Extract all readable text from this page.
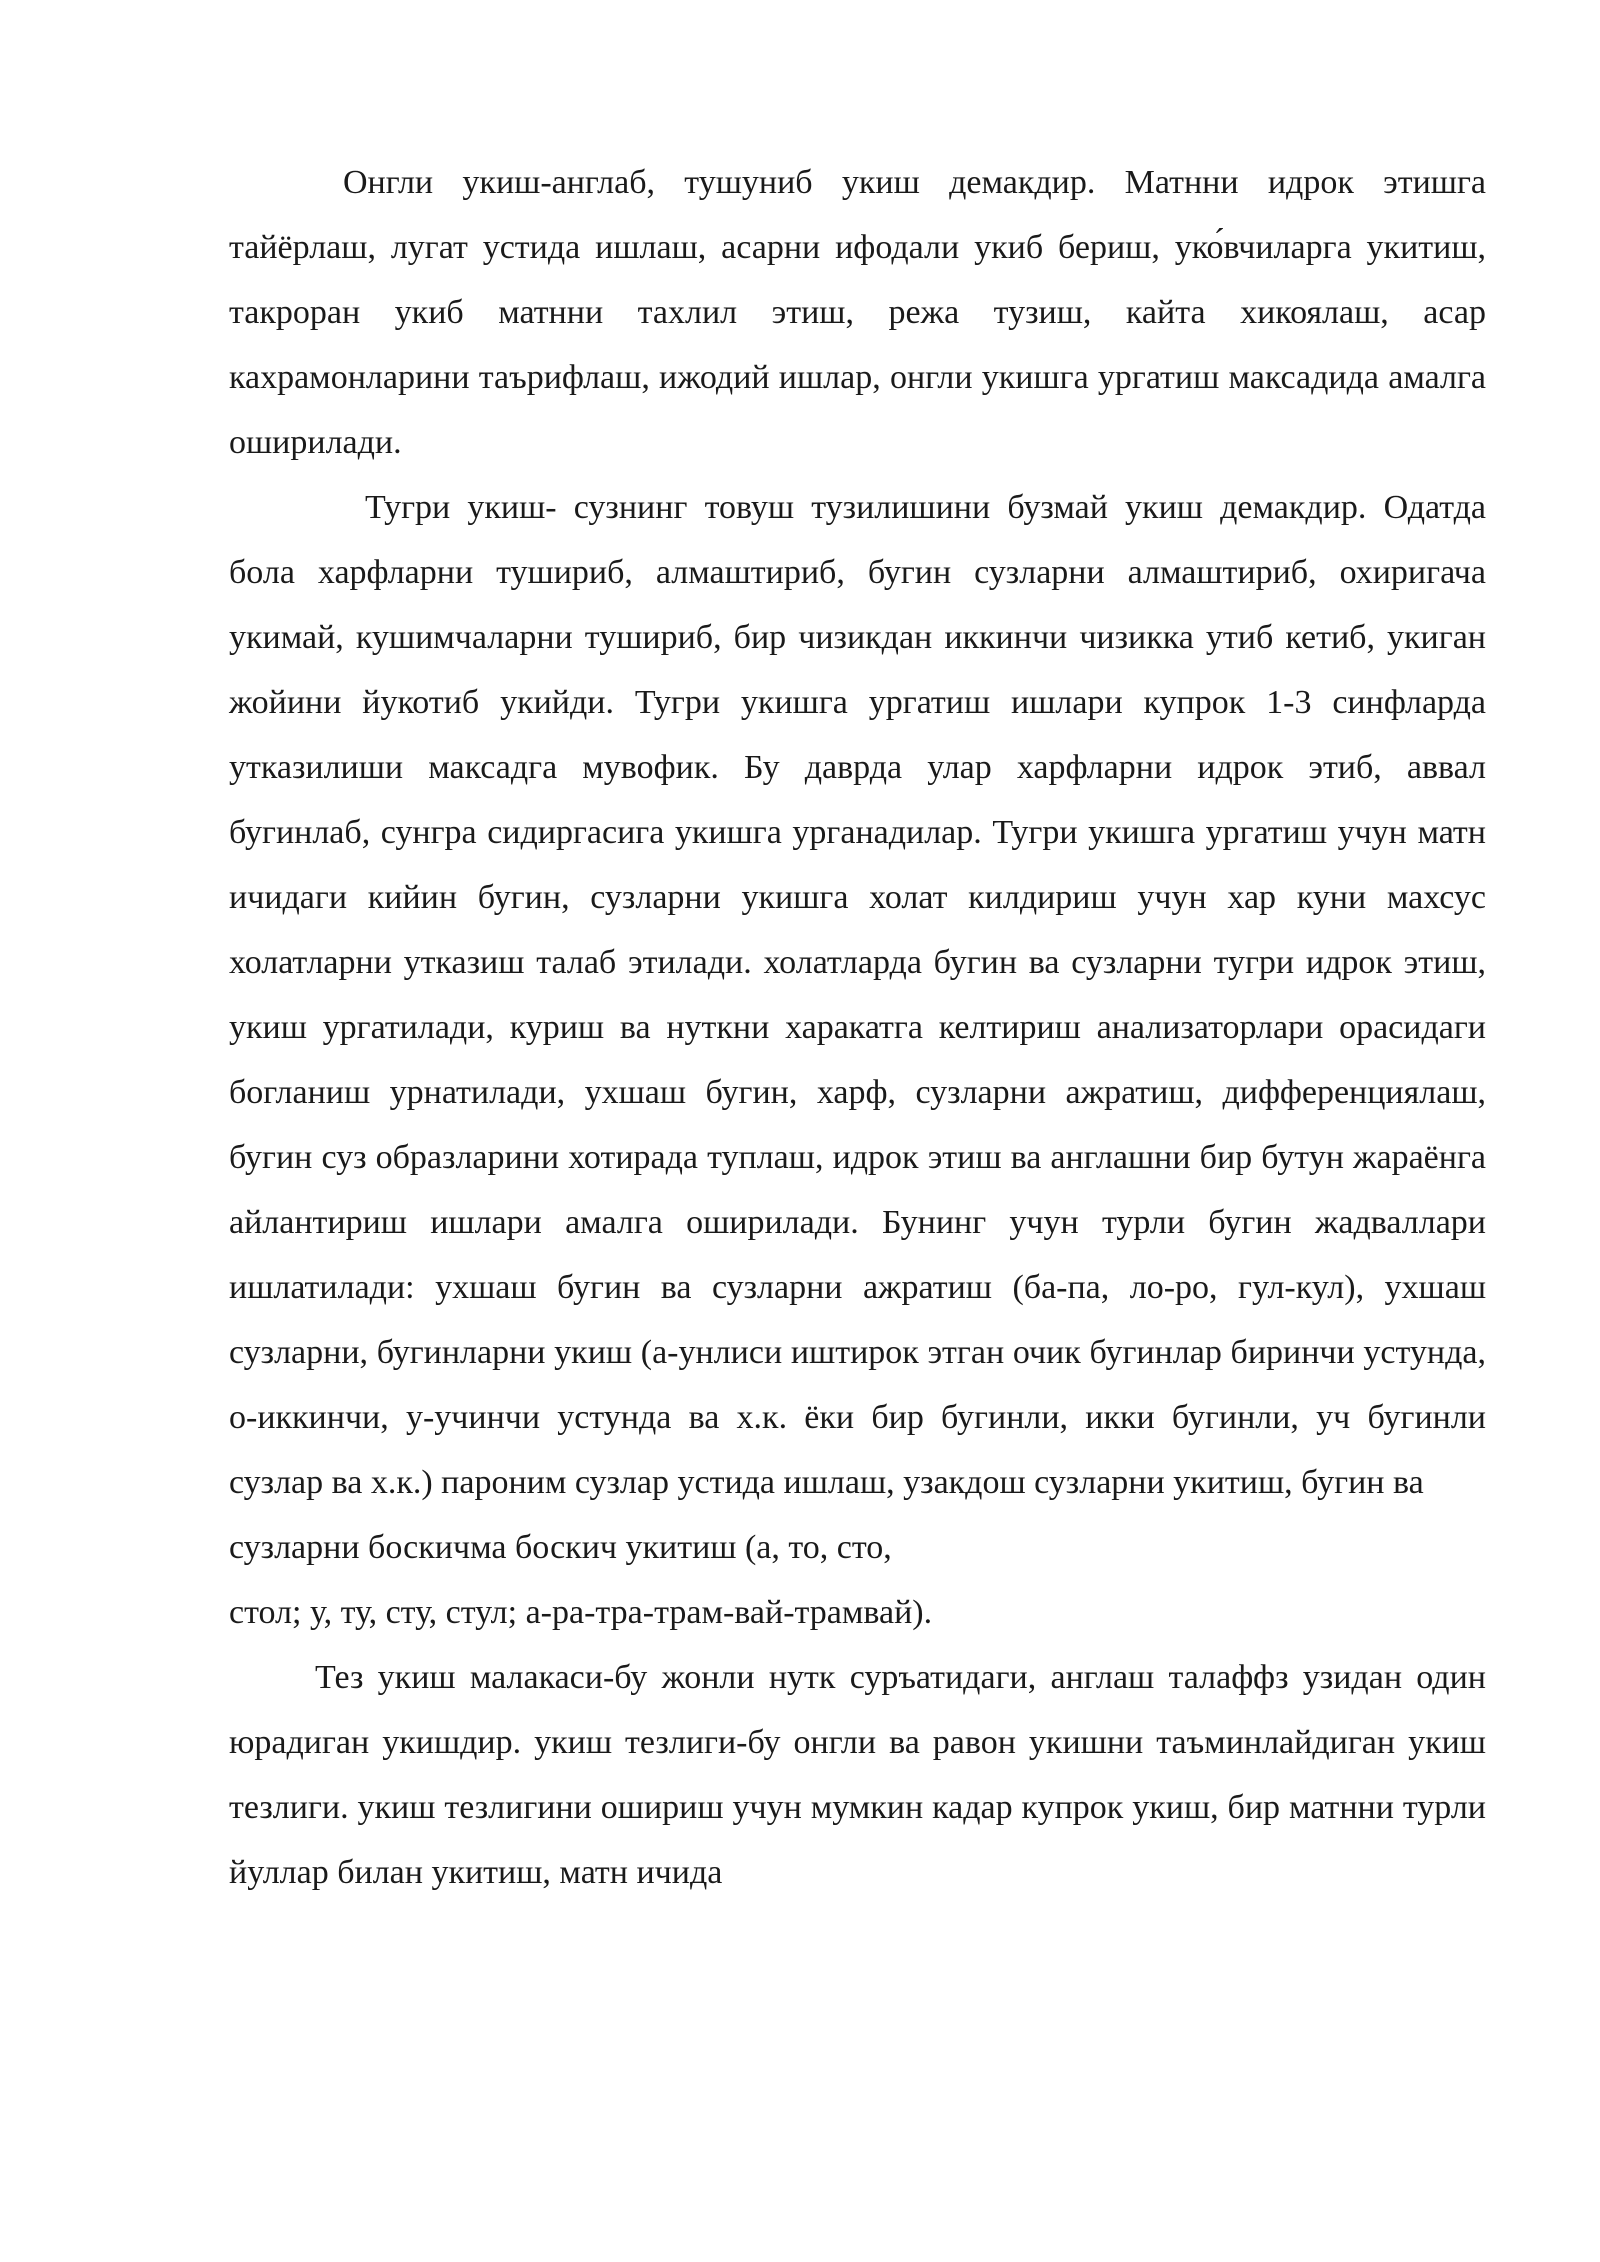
Онгли укиш-англаб, тушуниб укиш демакдир. Матнни идрок этишга тайёрлаш, лугат устида ишлаш, асарни ифодали укиб бериш, уко́вчиларга укитиш, такроран укиб матнни тахлил этиш, режа тузиш, кайта хикоялаш, асар кахрамонларини таърифлаш, ижодий ишлар, онгли укишга ургатиш максадида амалга оширилади.

Тугри укиш- сузнинг товуш тузилишини бузмай укиш демакдир. Одатда бола харфларни тушириб, алмаштириб, бугин сузларни алмаштириб, охиригача укимай, кушимчаларни тушириб, бир чизикдан иккинчи чизикка утиб кетиб, укиган жойини йукотиб укийди. Тугри укишга ургатиш ишлари купрок 1-3 синфларда утказилиши максадга мувофик. Бу даврда улар харфларни идрок этиб, аввал бугинлаб, сунгра сидиргасига укишга урганадилар. Тугри укишга ургатиш учун матн ичидаги кийин бугин, сузларни укишга холат килдириш учун хар куни махсус холатларни утказиш талаб этилади. холатларда бугин ва сузларни тугри идрок этиш, укиш ургатилади, куриш ва нуткни харакатга келтириш анализаторлари орасидаги богланиш урнатилади, ухшаш бугин, харф, сузларни ажратиш, дифференциялаш, бугин суз образларини хотирада туплаш, идрок этиш ва англашни бир бутун жараёнга айлантириш ишлари амалга оширилади. Бунинг учун турли бугин жадваллари ишлатилади: ухшаш бугин ва сузларни ажратиш (ба-па, ло-ро, гул-кул), ухшаш сузларни, бугинларни укиш (а-унлиси иштирок этган очик бугинлар биринчи устунда, о-иккинчи, у-учинчи устунда ва х.к. ёки бир бугинли, икки бугинли, уч бугинли сузлар ва х.к.) пароним сузлар устида ишлаш, узакдош сузларни укитиш, бугин ва

сузларни боскичма боскич укитиш (а, то, сто,

стол; у, ту, сту, стул; а-ра-тра-трам-вай-трамвай).

Тез укиш малакаси-бу жонли нутк суръатидаги, англаш талаффз узидан один юрадиган укишдир. укиш тезлиги-бу онгли ва равон укишни таъминлайдиган укиш тезлиги. укиш тезлигини ошириш учун мумкин кадар купрок укиш, бир матнни турли йуллар билан укитиш, матн ичида
